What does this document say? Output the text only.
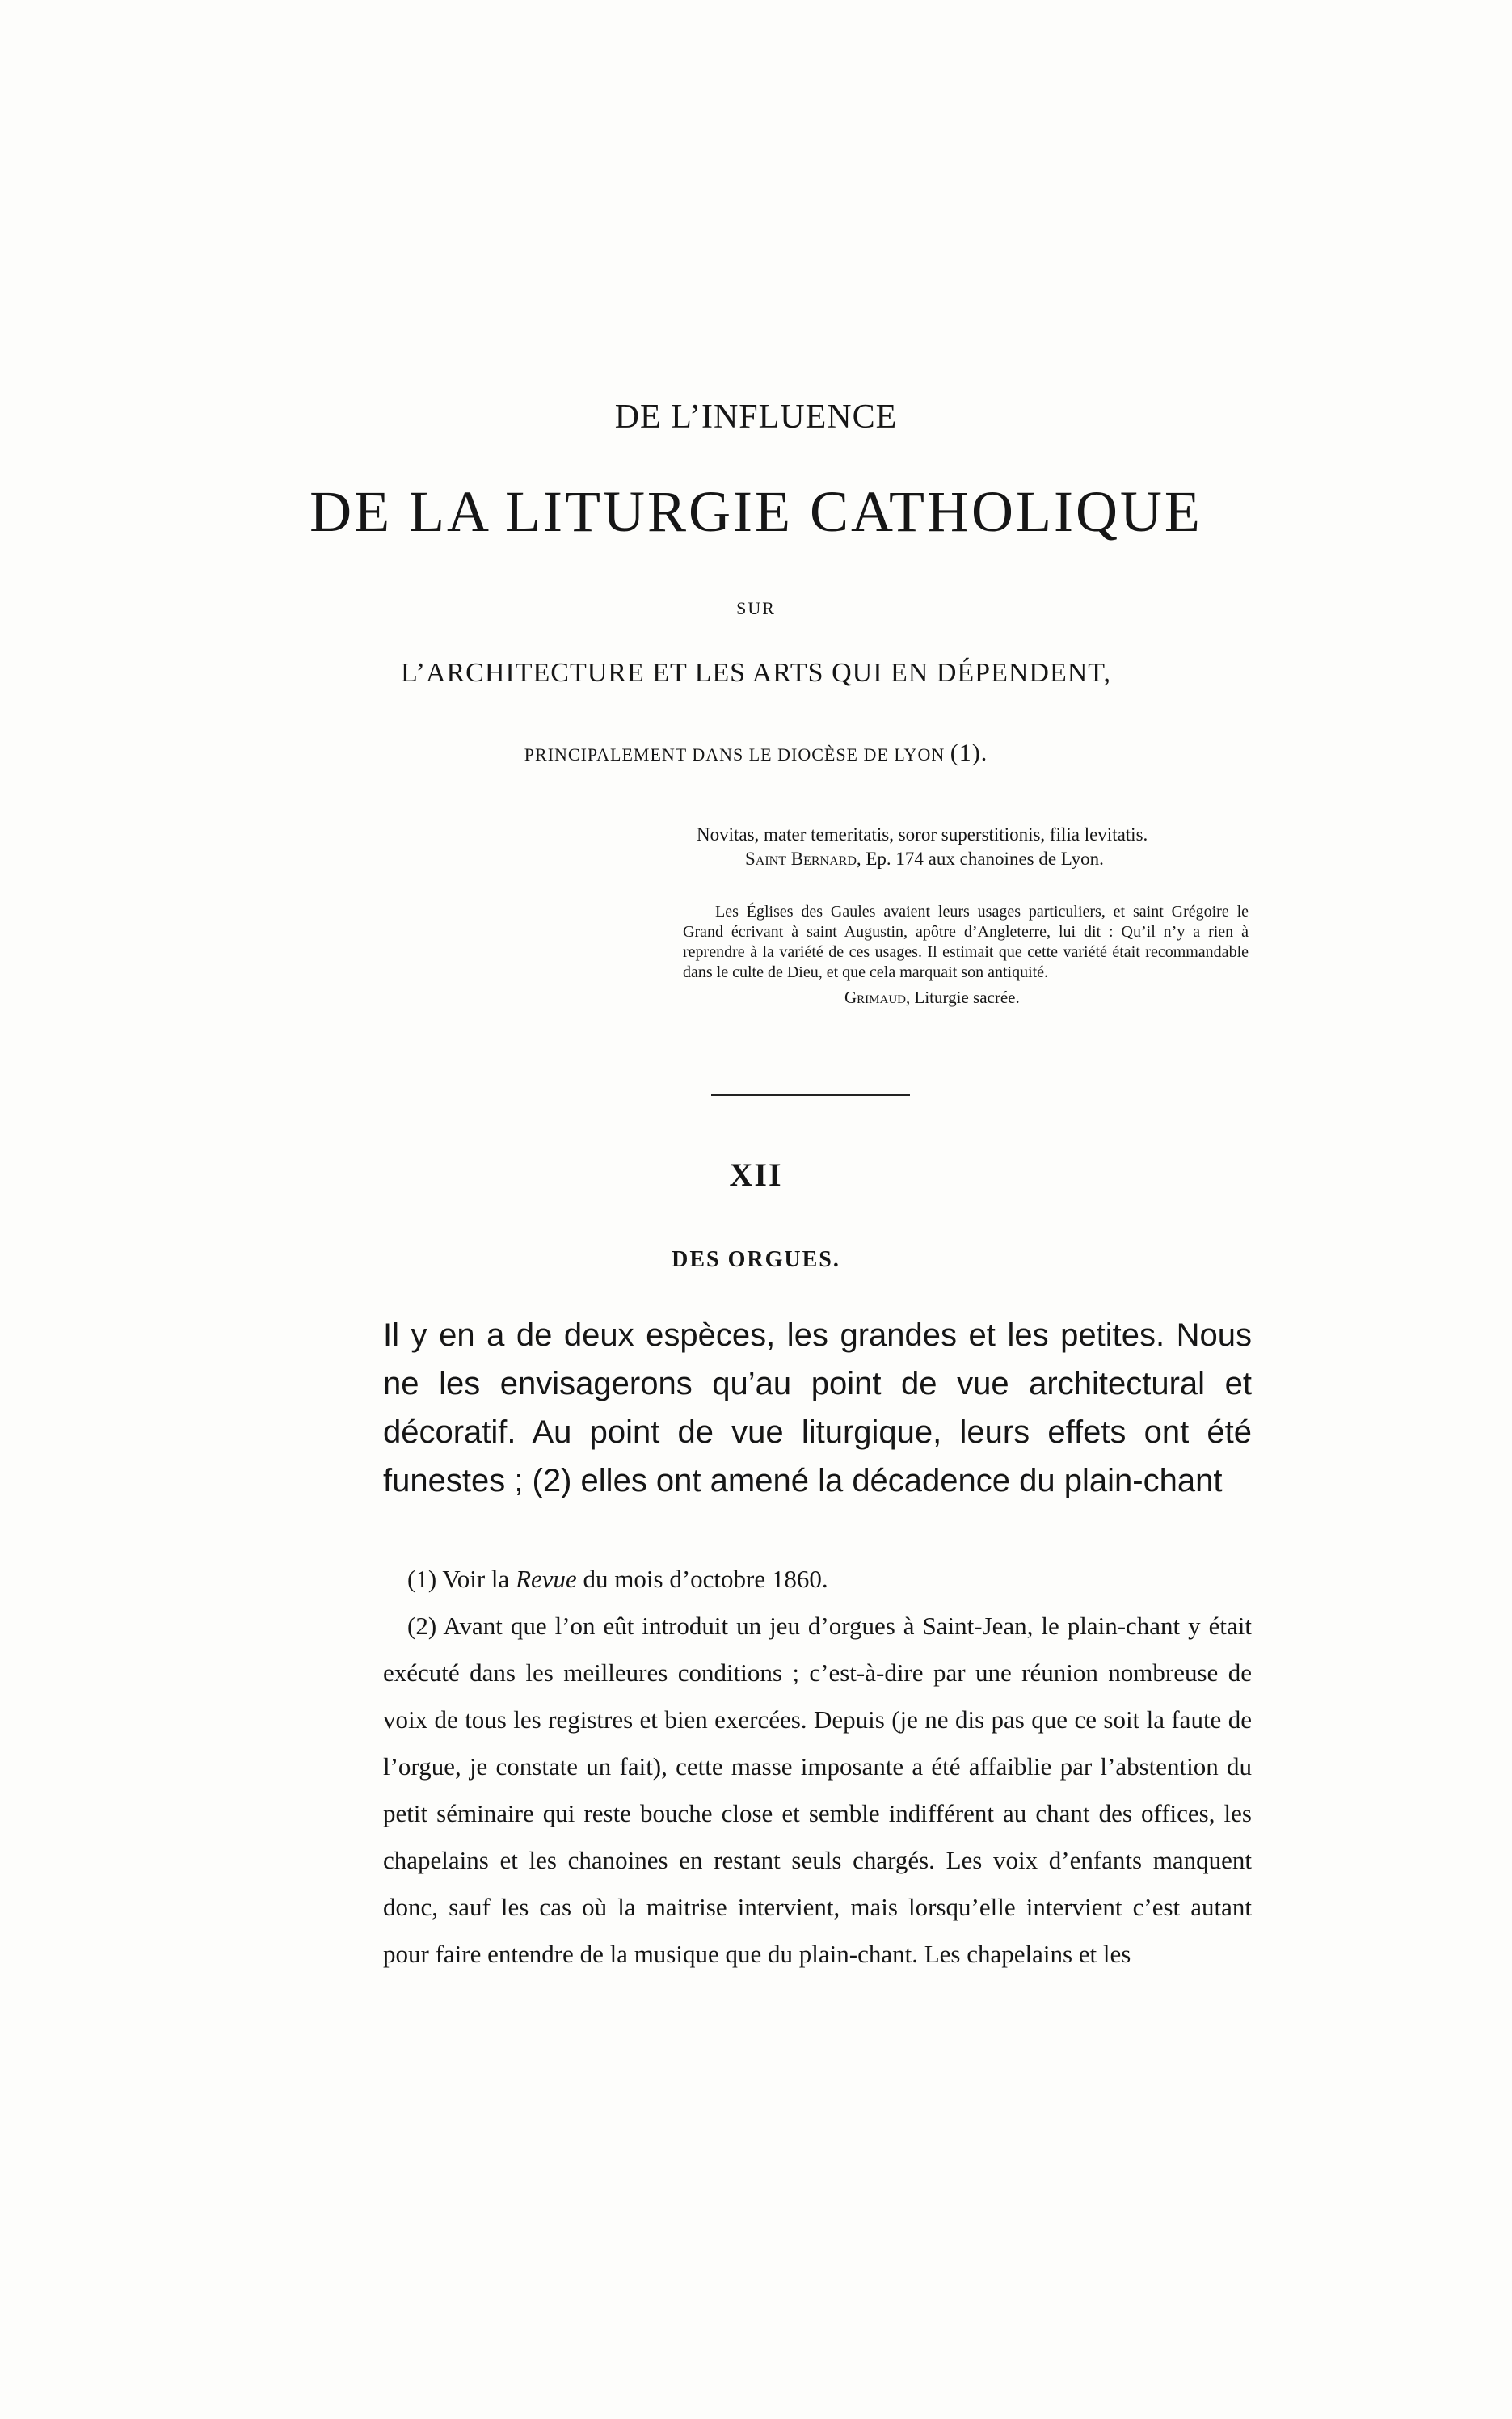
DE L’INFLUENCE
DE LA LITURGIE CATHOLIQUE
SUR
L’ARCHITECTURE ET LES ARTS QUI EN DÉPENDENT,
PRINCIPALEMENT DANS LE DIOCÈSE DE LYON (1).
Novitas, mater temeritatis, soror superstitionis, filia levitatis.
Saint Bernard, Ep. 174 aux chanoines de Lyon.
Les Églises des Gaules avaient leurs usages particuliers, et saint Grégoire le Grand écrivant à saint Augustin, apôtre d’Angleterre, lui dit : Qu’il n’y a rien à reprendre à la variété de ces usages. Il estimait que cette variété était recommandable dans le culte de Dieu, et que cela marquait son antiquité.
Grimaud, Liturgie sacrée.
XII
DES ORGUES.
Il y en a de deux espèces, les grandes et les petites. Nous ne les envisagerons qu’au point de vue architectural et décoratif. Au point de vue liturgique, leurs effets ont été funestes ; (2) elles ont amené la décadence du plain-chant
(1) Voir la Revue du mois d’octobre 1860.
(2) Avant que l’on eût introduit un jeu d’orgues à Saint-Jean, le plain-chant y était exécuté dans les meilleures conditions ; c’est-à-dire par une réunion nombreuse de voix de tous les registres et bien exercées. Depuis (je ne dis pas que ce soit la faute de l’orgue, je constate un fait), cette masse imposante a été affaiblie par l’abstention du petit séminaire qui reste bouche close et semble indifférent au chant des offices, les chapelains et les chanoines en restant seuls chargés. Les voix d’enfants manquent donc, sauf les cas où la maitrise intervient, mais lorsqu’elle intervient c’est autant pour faire entendre de la musique que du plain-chant. Les chapelains et les
